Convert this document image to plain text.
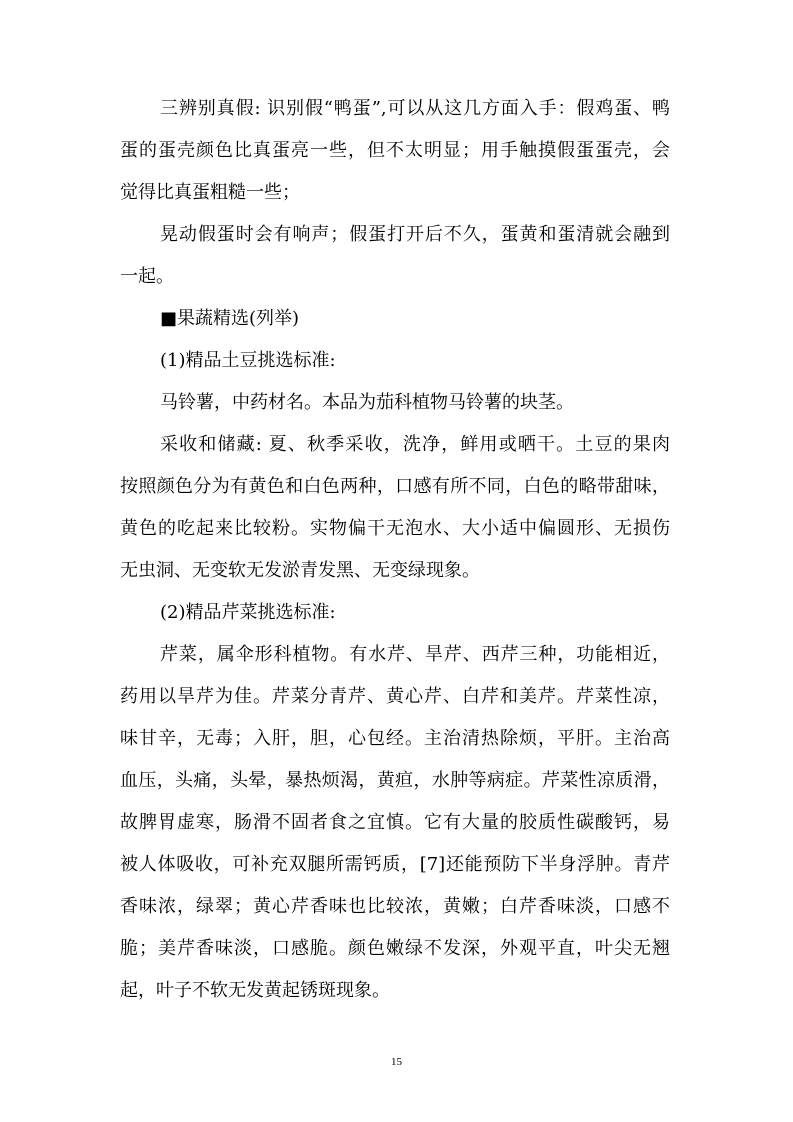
三辨别真假: 识别假“鸭蛋”,可以从这几方面入手：假鸡蛋、鸭
蛋的蛋壳颜色比真蛋亮一些，但不太明显；用手触摸假蛋蛋壳，会
觉得比真蛋粗糙一些；
晃动假蛋时会有响声；假蛋打开后不久，蛋黄和蛋清就会融到
一起。
■果蔬精选(列举)
(1)精品土豆挑选标准:
马铃薯，中药材名。本品为茄科植物马铃薯的块茎。
采收和储藏: 夏、秋季采收，洗净，鲜用或晒干。土豆的果肉
按照颜色分为有黄色和白色两种，口感有所不同，白色的略带甜味，
黄色的吃起来比较粉。实物偏干无泡水、大小适中偏圆形、无损伤
无虫洞、无变软无发淤青发黑、无变绿现象。
(2)精品芹菜挑选标准:
芹菜，属伞形科植物。有水芹、旱芹、西芹三种，功能相近，
药用以旱芹为佳。芹菜分青芹、黄心芹、白芹和美芹。芹菜性凉，
味甘辛，无毒；入肝，胆，心包经。主治清热除烦，平肝。主治高
血压，头痛，头晕，暴热烦渴，黄疸，水肿等病症。芹菜性凉质滑，
故脾胃虚寒，肠滑不固者食之宜慎。它有大量的胶质性碳酸钙，易
被人体吸收，可补充双腿所需钙质，[7]还能预防下半身浮肿。青芹
香味浓，绿翠；黄心芹香味也比较浓，黄嫩；白芹香味淡，口感不
脆；美芹香味淡，口感脆。颜色嫩绿不发深，外观平直，叶尖无翘
起，叶子不软无发黄起锈斑现象。
15
